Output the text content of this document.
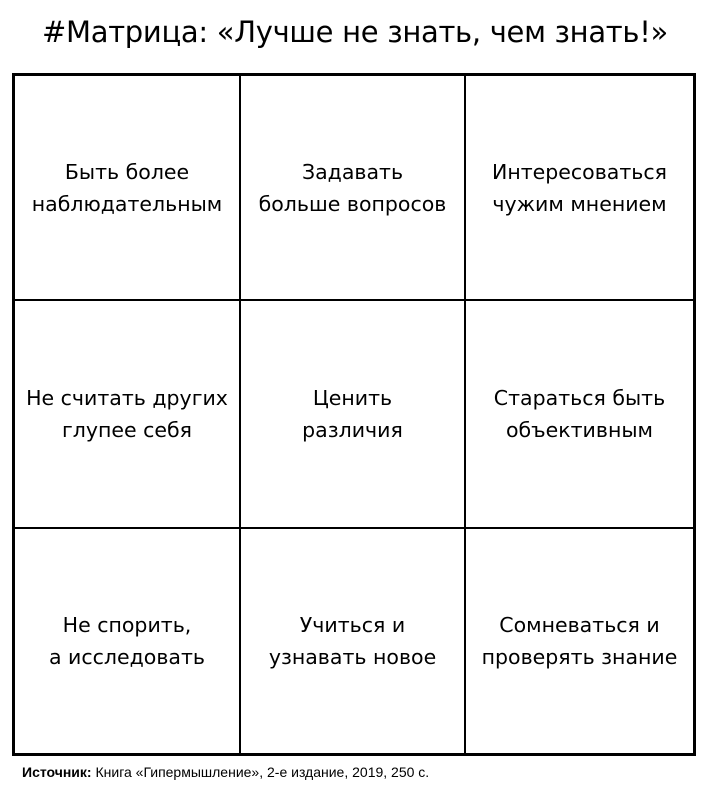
#Матрица: «Лучше не знать, чем знать!»
Быть более
наблюдательным
Задавать
больше вопросов
Интересоваться
чужим мнением
Не считать других
глупее себя
Ценить
различия
Стараться быть
объективным
Не спорить,
а исследовать
Учиться и
узнавать новое
Сомневаться и
проверять знание
Источник: Книга «Гипермышление», 2-е издание, 2019, 250 с.
